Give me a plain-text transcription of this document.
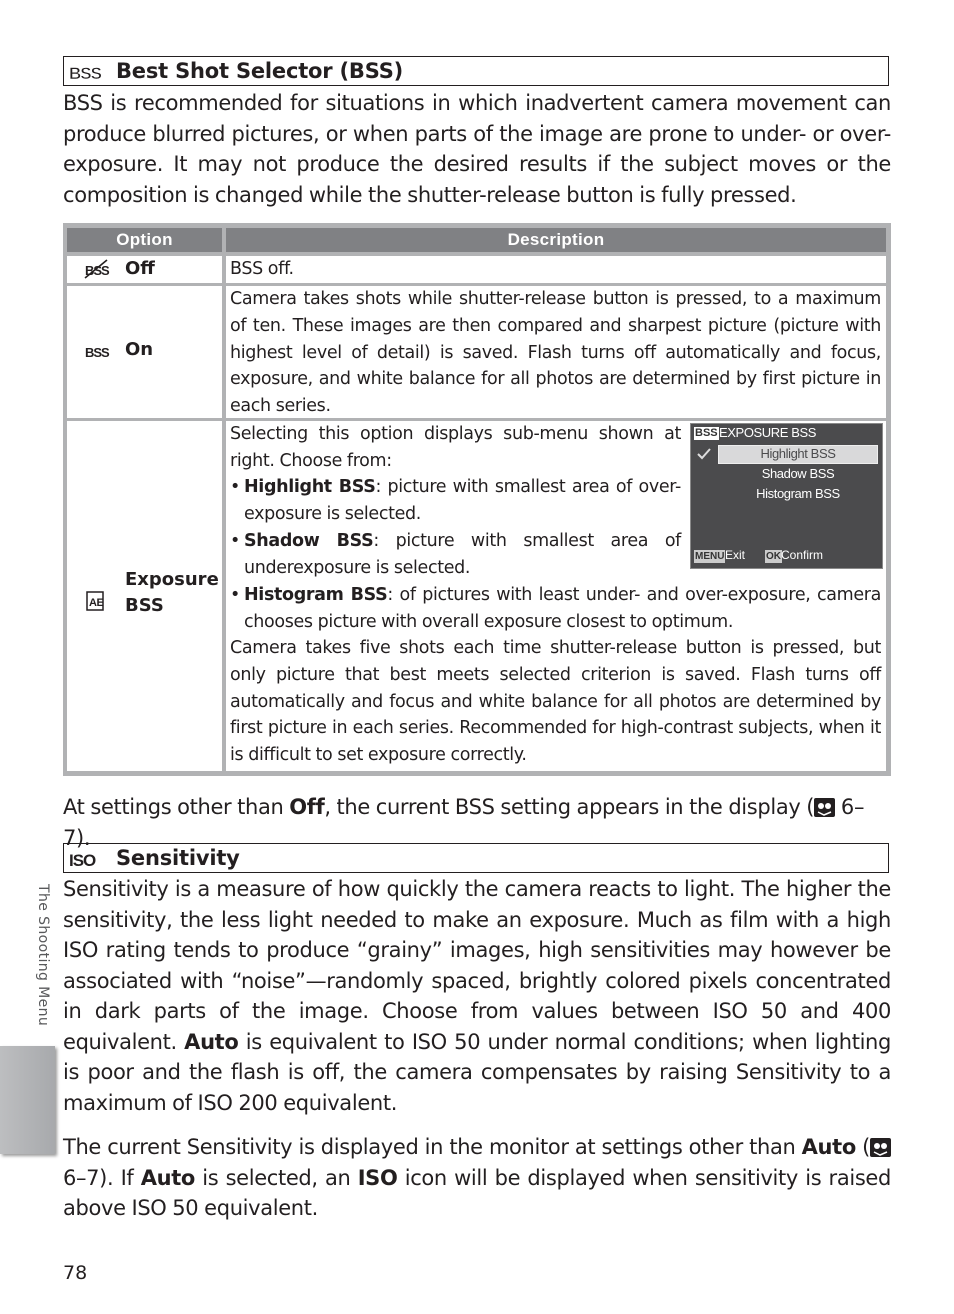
BSS Best Shot Selector (BSS)
BSS is recommended for situations in which inadvertent camera movement can produce blurred pictures, or when parts of the image are prone to under- or over-exposure. It may not produce the desired results if the subject moves or the composition is changed while the shutter-release button is fully pressed.
Option	Description
BSS Off	BSS off.
BSS On
Camera takes shots while shutter-release button is pressed, to a maximum of ten. These images are then compared and sharpest picture (picture with highest level of detail) is saved. Flash turns off automatically and focus, exposure, and white balance for all photos are determined by first picture in each series.
AE
Exposure
BSS
Selecting this option displays sub-menu shown at right. Choose from:
• Highlight BSS: picture with smallest area of over-exposure is selected.
• Shadow BSS: picture with smallest area of underexposure is selected.
• Histogram BSS: of pictures with least under- and over-exposure, camera chooses picture with overall exposure closest to optimum.
Camera takes five shots each time shutter-release button is pressed, but only picture that best meets selected criterion is saved. Flash turns off automatically and focus and white balance for all photos are determined by first picture in each series. Recommended for high-contrast subjects, when it is difficult to set exposure correctly.
BSS EXPOSURE BSS
Highlight BSS
Shadow BSS
Histogram BSS
MENU Exit OK Confirm
At settings other than Off, the current BSS setting appears in the display ( 6–7).
ISO Sensitivity
Sensitivity is a measure of how quickly the camera reacts to light. The higher the sensitivity, the less light needed to make an exposure. Much as film with a high ISO rating tends to produce “grainy” images, high sensitivities may however be associated with “noise”—randomly spaced, brightly colored pixels concentrated in dark parts of the image. Choose from values between ISO 50 and 400 equivalent. Auto is equivalent to ISO 50 under normal conditions; when lighting is poor and the flash is off, the camera compensates by raising Sensitivity to a maximum of ISO 200 equivalent.
The current Sensitivity is displayed in the monitor at settings other than Auto ( 6–7). If Auto is selected, an ISO icon will be displayed when sensitivity is raised above ISO 50 equivalent.
The Shooting Menu
78
